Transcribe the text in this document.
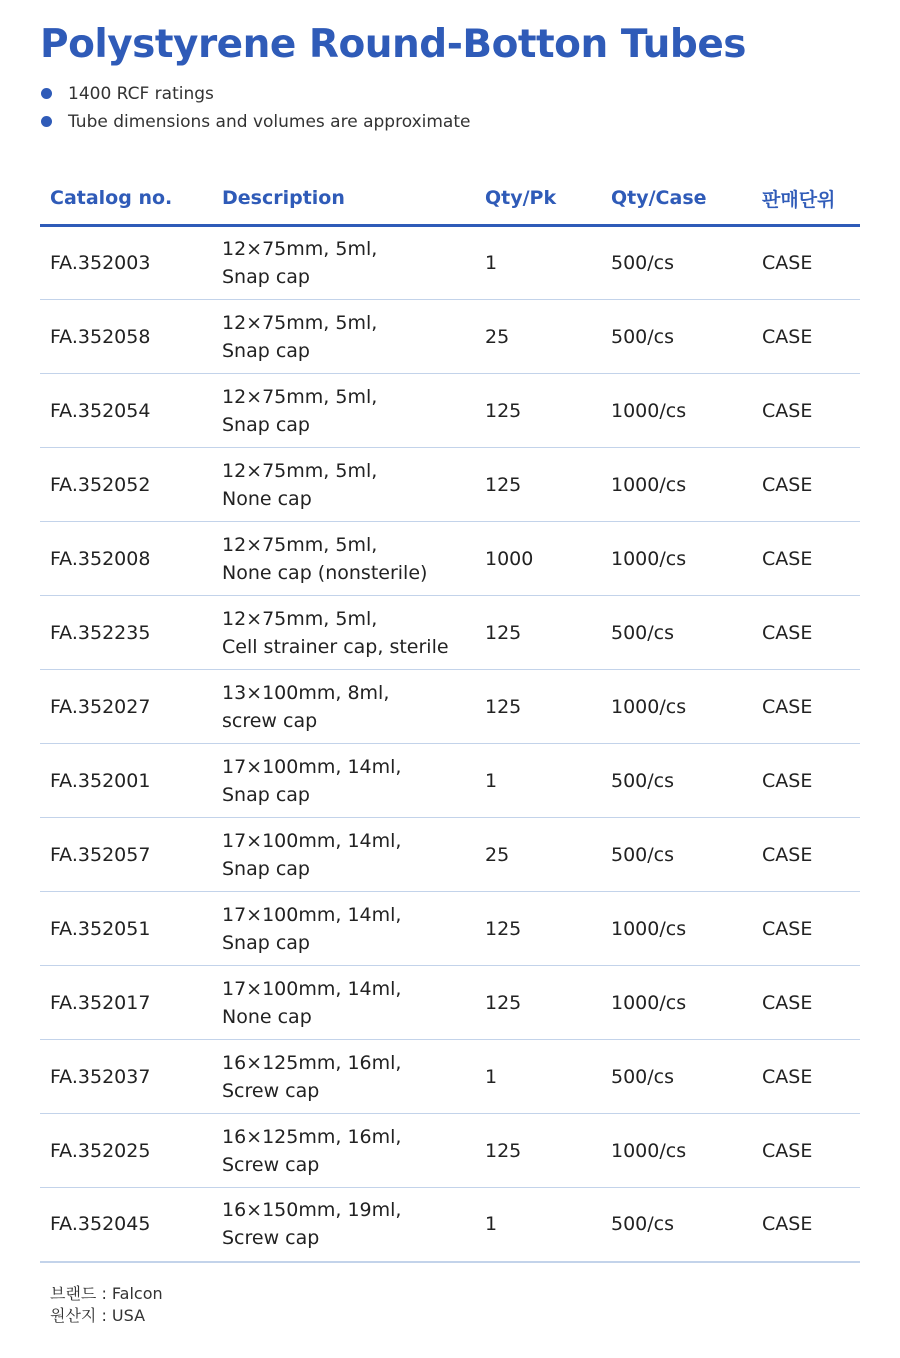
Polystyrene Round-Botton Tubes
1400 RCF ratings
Tube dimensions and volumes are approximate
Catalog no.	Description	Qty/Pk	Qty/Case	판매단위

FA.352003	12×75mm, 5ml,
Snap cap	1	500/cs	CASE

FA.352058	12×75mm, 5ml,
Snap cap	25	500/cs	CASE

FA.352054	12×75mm, 5ml,
Snap cap	125	1000/cs	CASE

FA.352052	12×75mm, 5ml,
None cap	125	1000/cs	CASE

FA.352008	12×75mm, 5ml,
None cap (nonsterile)	1000	1000/cs	CASE

FA.352235	12×75mm, 5ml,
Cell strainer cap, sterile	125	500/cs	CASE

FA.352027	13×100mm, 8ml,
screw cap	125	1000/cs	CASE

FA.352001	17×100mm, 14ml,
Snap cap	1	500/cs	CASE

FA.352057	17×100mm, 14ml,
Snap cap	25	500/cs	CASE

FA.352051	17×100mm, 14ml,
Snap cap	125	1000/cs	CASE

FA.352017	17×100mm, 14ml,
None cap	125	1000/cs	CASE

FA.352037	16×125mm, 16ml,
Screw cap	1	500/cs	CASE

FA.352025	16×125mm, 16ml,
Screw cap	125	1000/cs	CASE

FA.352045	16×150mm, 19ml,
Screw cap	1	500/cs	CASE
브랜드 : Falcon
원산지 : USA
